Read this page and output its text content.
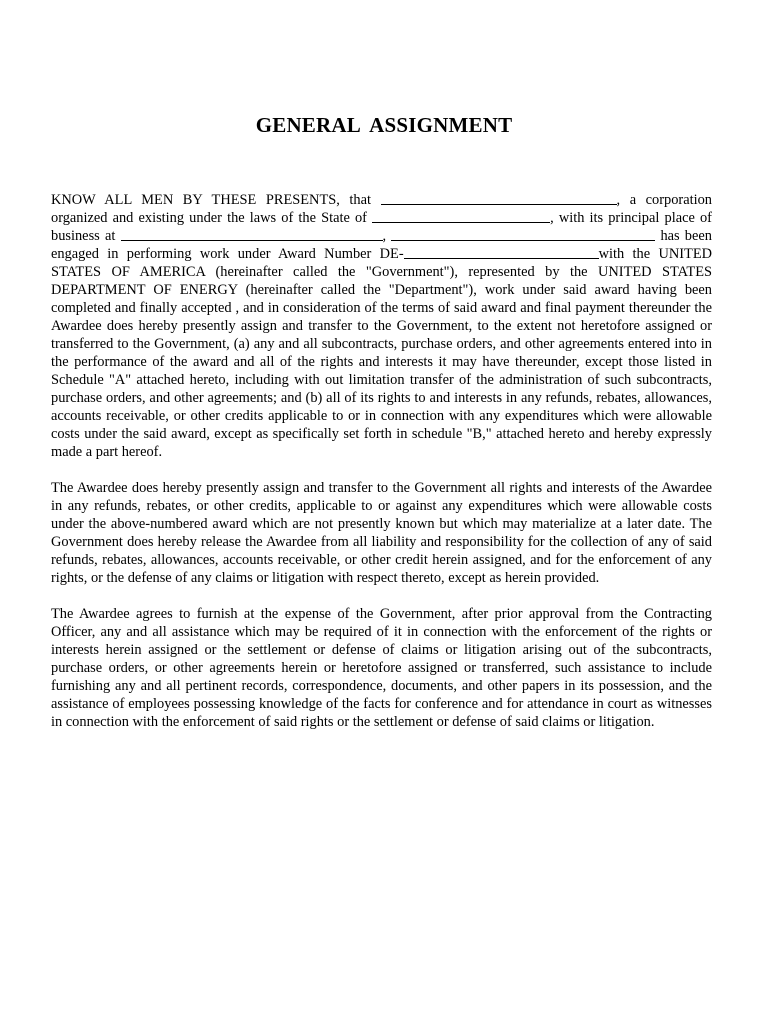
GENERAL ASSIGNMENT

KNOW ALL MEN BY THESE PRESENTS, that	, a corporation organized and existing under the laws of the State of	, with its principal place of business at	,	has been engaged in performing work under Award Number DE-	with the UNITED STATES OF AMERICA (hereinafter called the "Government"), represented by the UNITED STATES DEPARTMENT OF ENERGY (hereinafter called the "Department"), work under said award having been completed and finally accepted , and in consideration of the terms of said award and final payment thereunder the Awardee does hereby presently assign and transfer to the Government, to the extent not heretofore assigned or transferred to the Government, (a) any and all subcontracts, purchase orders, and other agreements entered into in the performance of the award and all of the rights and interests it may have thereunder, except those listed in Schedule "A" attached hereto, including with out limitation transfer of the administration of such subcontracts, purchase orders, and other agreements; and (b) all of its rights to and interests in any refunds, rebates, allowances, accounts receivable, or other credits applicable to or in connection with any expenditures which were allowable costs under the said award, except as specifically set forth in schedule "B," attached hereto and hereby expressly made a part hereof.

The Awardee does hereby presently assign and transfer to the Government all rights and interests of the Awardee in any refunds, rebates, or other credits, applicable to or against any expenditures which were allowable costs under the above-numbered award which are not presently known but which may materialize at a later date. The Government does hereby release the Awardee from all liability and responsibility for the collection of any of said refunds, rebates, allowances, accounts receivable, or other credit herein assigned, and for the enforcement of any rights, or the defense of any claims or litigation with respect thereto, except as herein provided.

The Awardee agrees to furnish at the expense of the Government, after prior approval from the Contracting Officer, any and all assistance which may be required of it in connection with the enforcement of the rights or interests herein assigned or the settlement or defense of claims or litigation arising out of the subcontracts, purchase orders, or other agreements herein or heretofore assigned or transferred, such assistance to include furnishing any and all pertinent records, correspondence, documents, and other papers in its possession, and the assistance of employees possessing knowledge of the facts for conference and for attendance in court as witnesses in connection with the enforcement of said rights or the settlement or defense of said claims or litigation.
